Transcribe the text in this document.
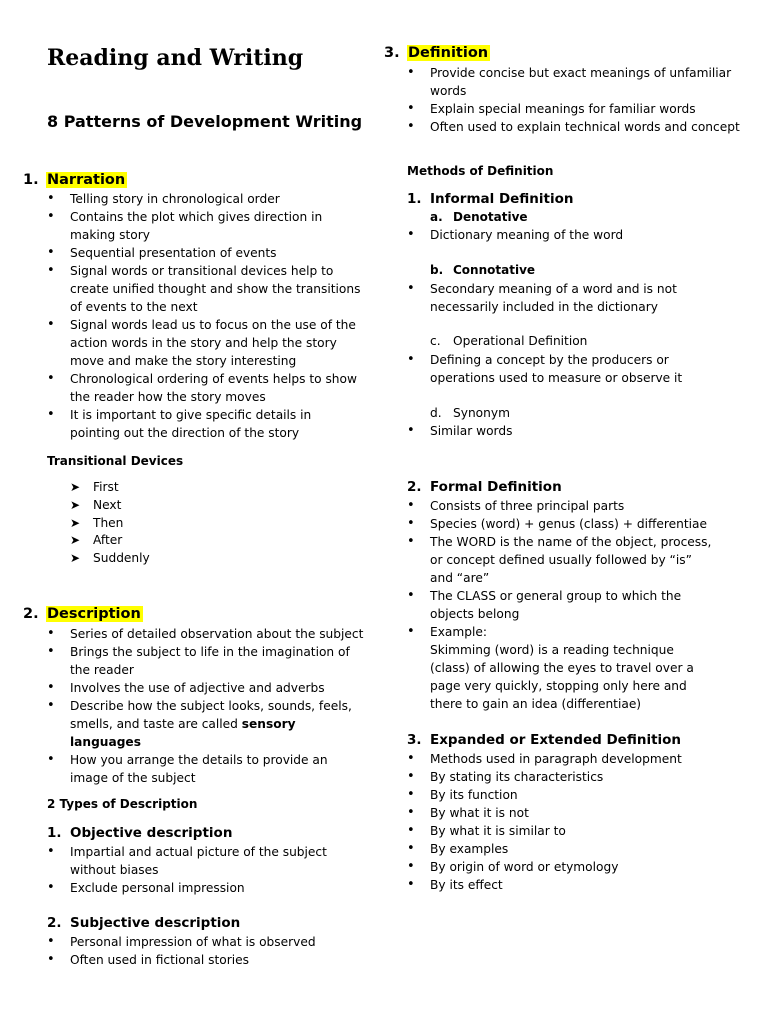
Reading and Writing
8 Patterns of Development Writing
1. Narration
• Telling story in chronological order
• Contains the plot which gives direction in making story
• Sequential presentation of events
• Signal words or transitional devices help to create unified thought and show the transitions of events to the next
• Signal words lead us to focus on the use of the action words in the story and help the story move and make the story interesting
• Chronological ordering of events helps to show the reader how the story moves
• It is important to give specific details in pointing out the direction of the story
Transitional Devices
➤ First
➤ Next
➤ Then
➤ After
➤ Suddenly
2. Description
• Series of detailed observation about the subject
• Brings the subject to life in the imagination of the reader
• Involves the use of adjective and adverbs
• Describe how the subject looks, sounds, feels, smells, and taste are called sensory languages
• How you arrange the details to provide an image of the subject
2 Types of Description
1. Objective description
• Impartial and actual picture of the subject without biases
• Exclude personal impression
2. Subjective description
• Personal impression of what is observed
• Often used in fictional stories
3. Definition
• Provide concise but exact meanings of unfamiliar words
• Explain special meanings for familiar words
• Often used to explain technical words and concept
Methods of Definition
1. Informal Definition
a. Denotative
• Dictionary meaning of the word
b. Connotative
• Secondary meaning of a word and is not necessarily included in the dictionary
c. Operational Definition
• Defining a concept by the producers or operations used to measure or observe it
d. Synonym
• Similar words
2. Formal Definition
• Consists of three principal parts
• Species (word) + genus (class) + differentiae
• The WORD is the name of the object, process, or concept defined usually followed by “is” and “are”
• The CLASS or general group to which the objects belong
• Example:
Skimming (word) is a reading technique (class) of allowing the eyes to travel over a page very quickly, stopping only here and there to gain an idea (differentiae)
3. Expanded or Extended Definition
• Methods used in paragraph development
• By stating its characteristics
• By its function
• By what it is not
• By what it is similar to
• By examples
• By origin of word or etymology
• By its effect
